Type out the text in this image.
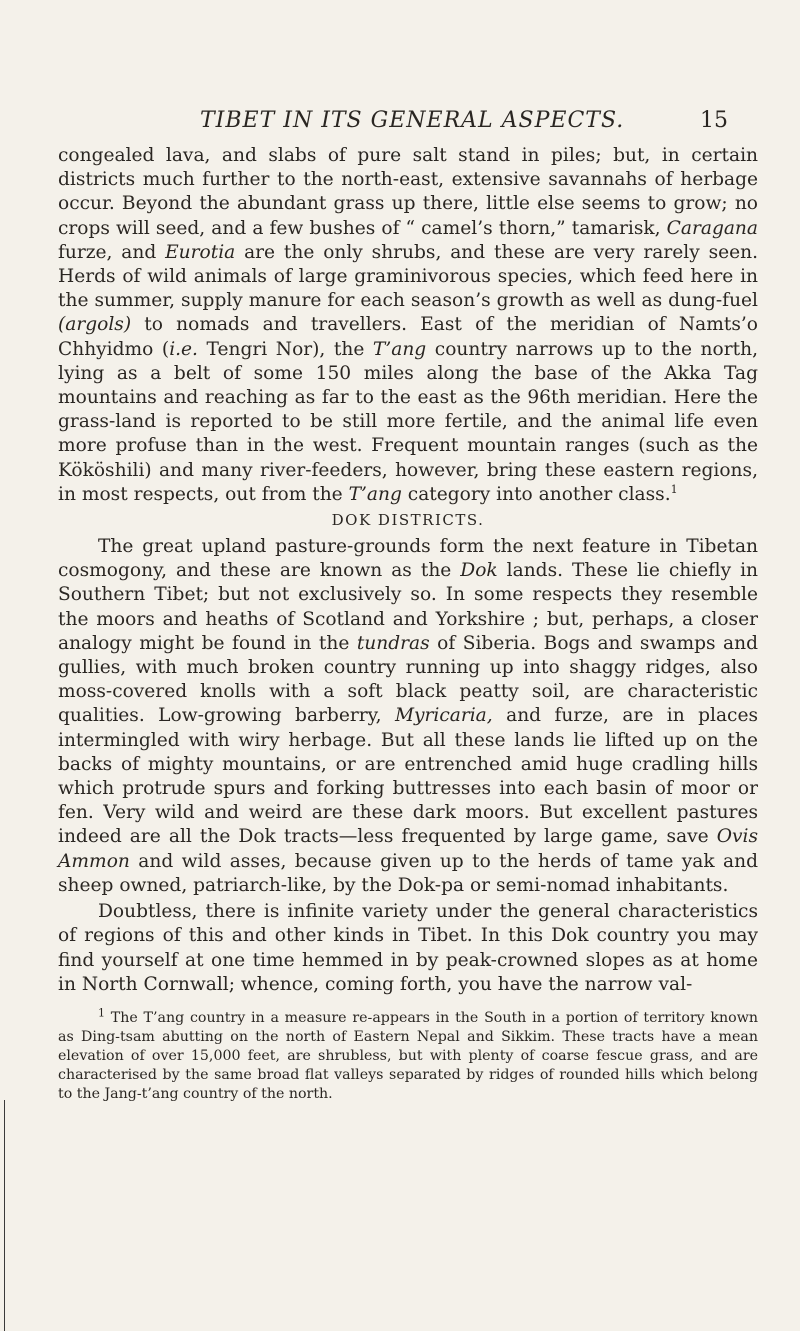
TIBET IN ITS GENERAL ASPECTS.	15

congealed lava, and slabs of pure salt stand in piles; but, in certain districts much further to the north-east, extensive savannahs of herbage occur. Beyond the abundant grass up there, little else seems to grow; no crops will seed, and a few bushes of “ camel’s thorn,” tamarisk, Caragana furze, and Eurotia are the only shrubs, and these are very rarely seen. Herds of wild animals of large graminivorous species, which feed here in the summer, supply manure for each season’s growth as well as dung-fuel (argols) to nomads and travellers. East of the meridian of Namts’o Chhyidmo (i.e. Tengri Nor), the T’ang country narrows up to the north, lying as a belt of some 150 miles along the base of the Akka Tag mountains and reaching as far to the east as the 96th meridian. Here the grass-land is reported to be still more fertile, and the animal life even more profuse than in the west. Frequent mountain ranges (such as the Kököshili) and many river-feeders, however, bring these eastern regions, in most respects, out from the T’ang category into another class.$^1$

DOK DISTRICTS.

The great upland pasture-grounds form the next feature in Tibetan cosmogony, and these are known as the Dok lands. These lie chiefly in Southern Tibet; but not exclusively so. In some respects they resemble the moors and heaths of Scotland and Yorkshire ; but, perhaps, a closer analogy might be found in the tundras of Siberia. Bogs and swamps and gullies, with much broken country running up into shaggy ridges, also moss-covered knolls with a soft black peatty soil, are characteristic qualities. Low-growing barberry, Myricaria, and furze, are in places intermingled with wiry herbage. But all these lands lie lifted up on the backs of mighty mountains, or are entrenched amid huge cradling hills which protrude spurs and forking buttresses into each basin of moor or fen. Very wild and weird are these dark moors. But excellent pastures indeed are all the Dok tracts—less frequented by large game, save Ovis Ammon and wild asses, because given up to the herds of tame yak and sheep owned, patriarch-like, by the Dok-pa or semi-nomad inhabitants.

Doubtless, there is infinite variety under the general characteristics of regions of this and other kinds in Tibet. In this Dok country you may find yourself at one time hemmed in by peak-crowned slopes as at home in North Cornwall; whence, coming forth, you have the narrow val-

$^1$ The T’ang country in a measure re-appears in the South in a portion of territory known as Ding-tsam abutting on the north of Eastern Nepal and Sikkim. These tracts have a mean elevation of over 15,000 feet, are shrubless, but with plenty of coarse fescue grass, and are characterised by the same broad flat valleys separated by ridges of rounded hills which belong to the Jang-t’ang country of the north.
